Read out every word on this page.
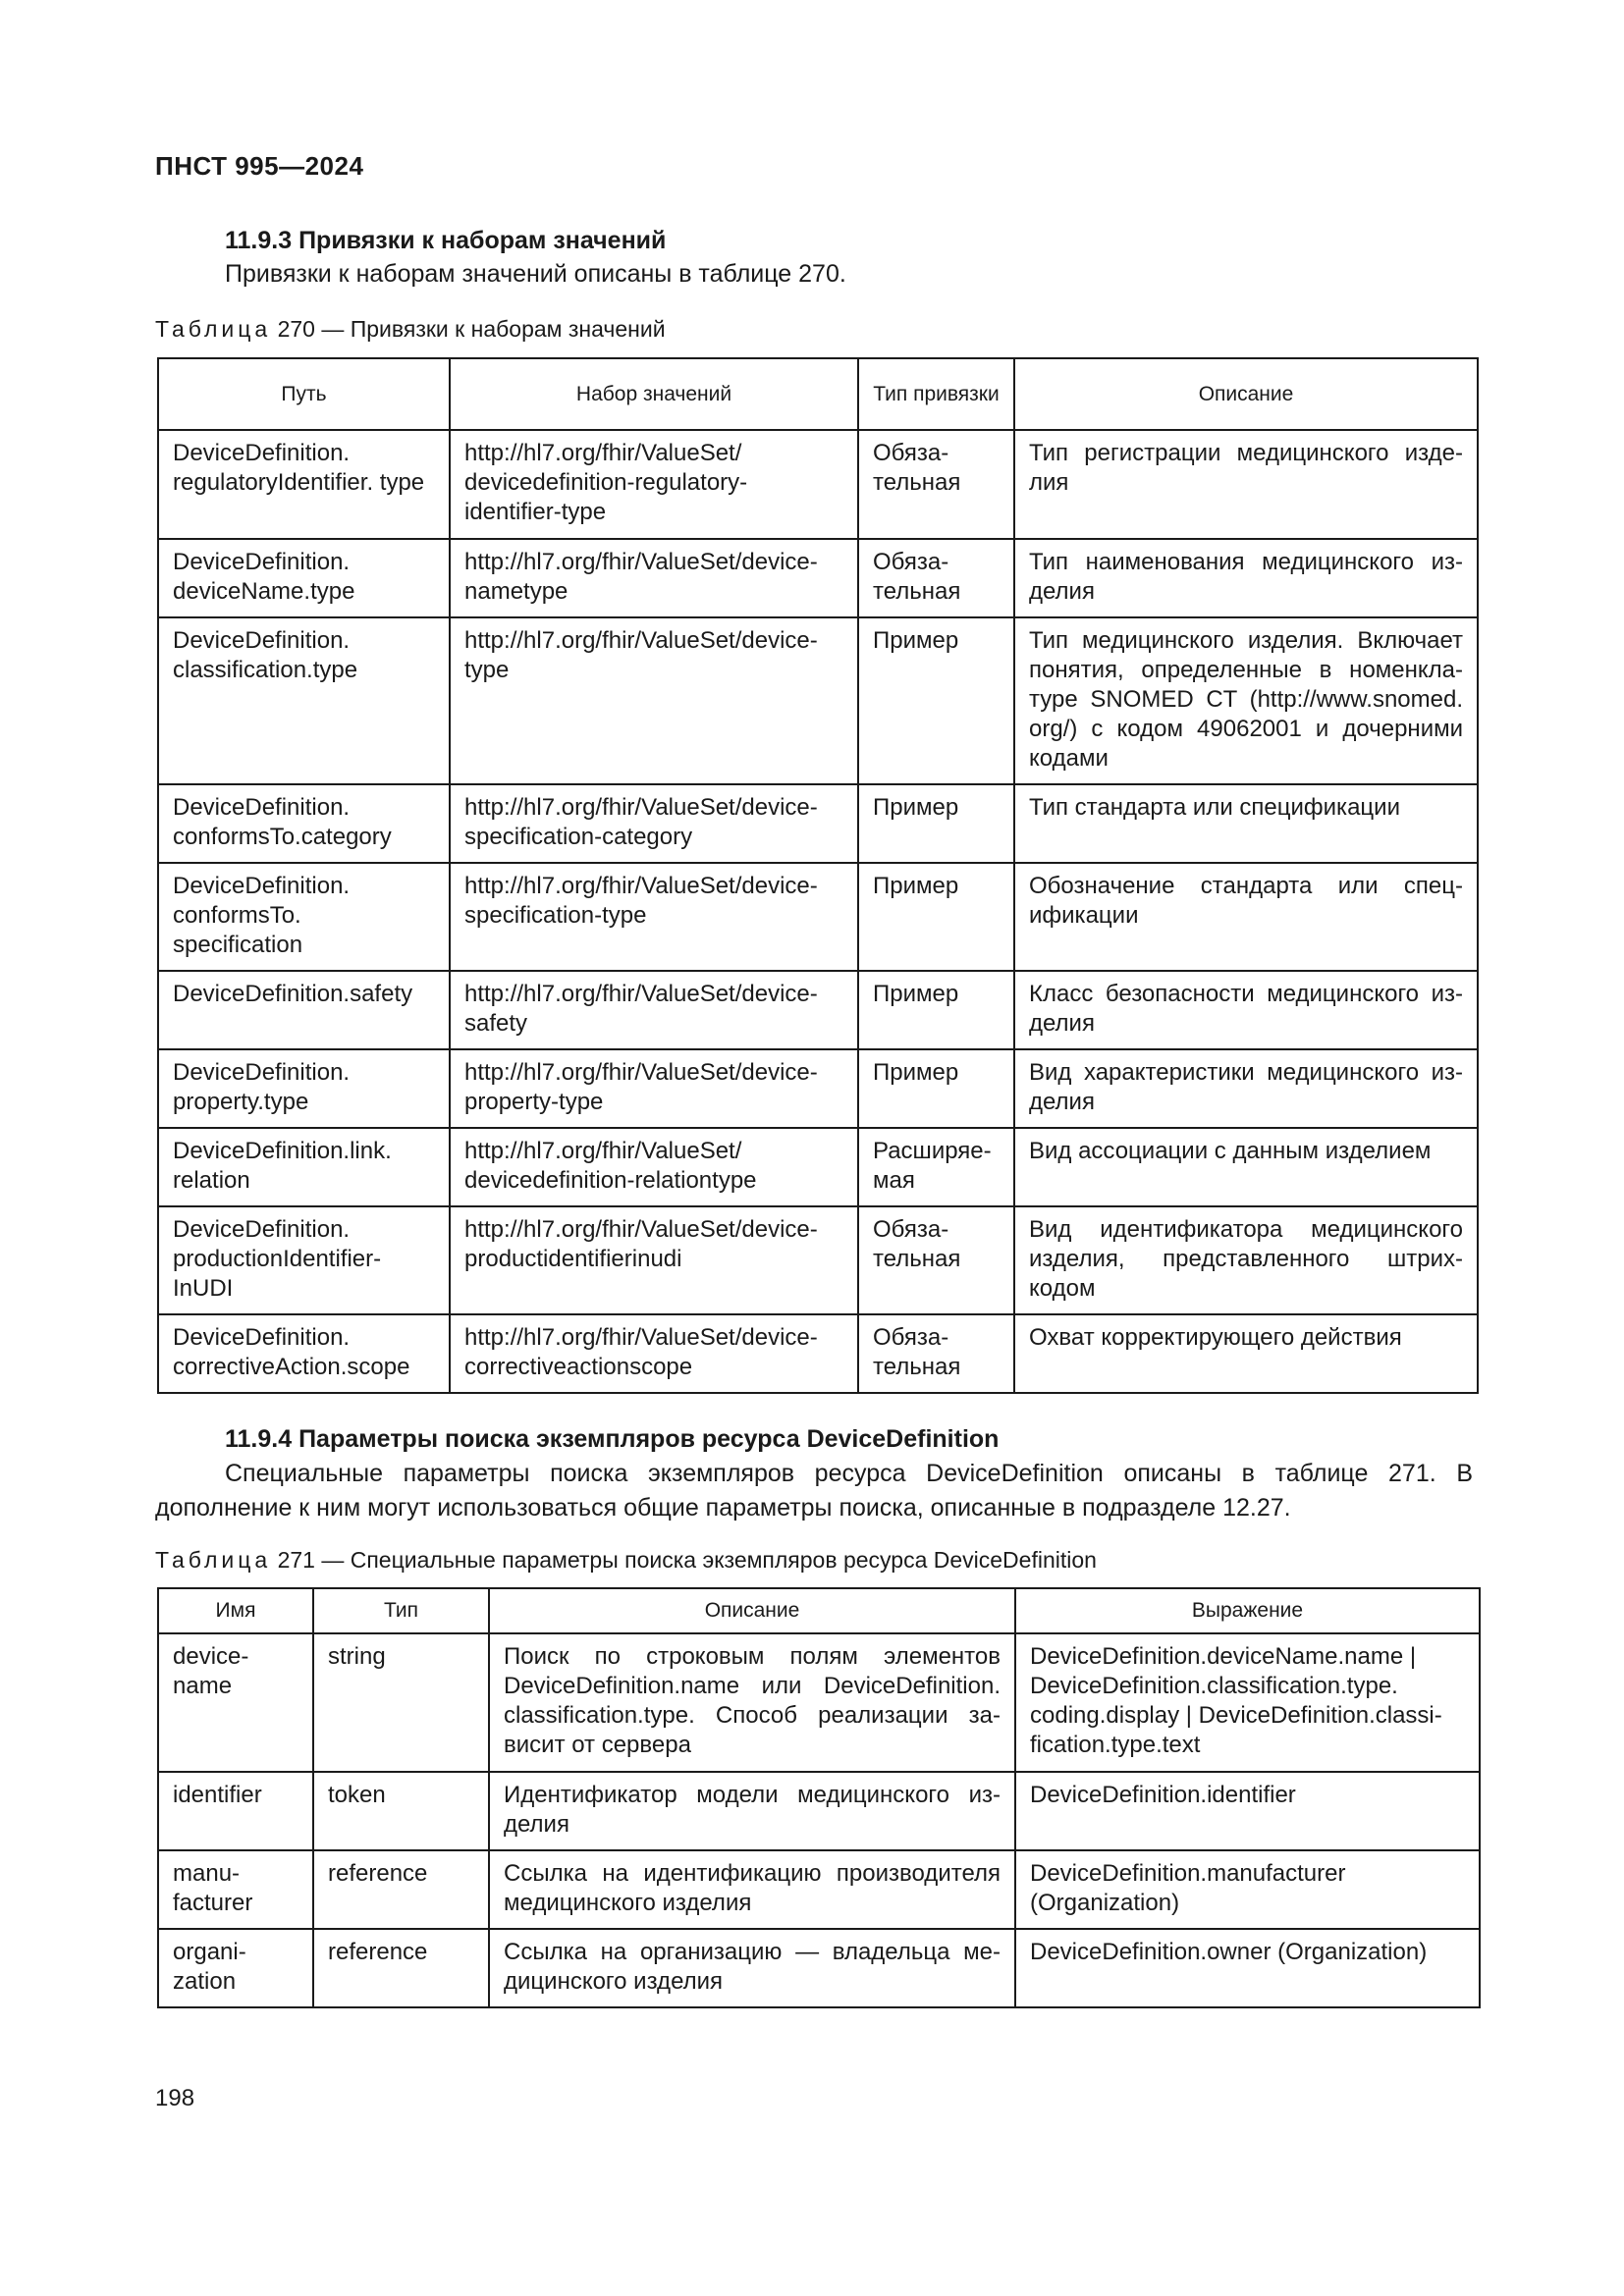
ПНСТ 995—2024
11.9.3 Привязки к наборам значений
Привязки к наборам значений описаны в таблице 270.
Таблица 270 — Привязки к наборам значений
Путь	Набор значений	Тип привязки	Описание
DeviceDefinition. regulatoryIdentifier. type	http://hl7.org/fhir/ValueSet/ devicedefinition-regulatory- identifier-type	Обяза- тельная	Тип регистрации медицинского изде- лия
DeviceDefinition. deviceName.type	http://hl7.org/fhir/ValueSet/device- nametype	Обяза- тельная	Тип наименования медицинского из- делия
DeviceDefinition. classification.type	http://hl7.org/fhir/ValueSet/device- type	Пример	Тип медицинского изделия. Включает понятия, определенные в номенкла- туре SNOMED CT (http://www.snomed. org/) с кодом 49062001 и дочерними кодами
DeviceDefinition. conformsTo.category	http://hl7.org/fhir/ValueSet/device- specification-category	Пример	Тип стандарта или спецификации
DeviceDefinition. conformsTo. specification	http://hl7.org/fhir/ValueSet/device- specification-type	Пример	Обозначение стандарта или спец- ификации
DeviceDefinition.safety	http://hl7.org/fhir/ValueSet/device- safety	Пример	Класс безопасности медицинского из- делия
DeviceDefinition. property.type	http://hl7.org/fhir/ValueSet/device- property-type	Пример	Вид характеристики медицинского из- делия
DeviceDefinition.link. relation	http://hl7.org/fhir/ValueSet/ devicedefinition-relationtype	Расширяе- мая	Вид ассоциации с данным изделием
DeviceDefinition. productionIdentifier- InUDI	http://hl7.org/fhir/ValueSet/device- productidentifierinudi	Обяза- тельная	Вид идентификатора медицинского изделия, представленного штрих- кодом
DeviceDefinition. correctiveAction.scope	http://hl7.org/fhir/ValueSet/device- correctiveactionscope	Обяза- тельная	Охват корректирующего действия
11.9.4 Параметры поиска экземпляров ресурса DeviceDefinition
Специальные параметры поиска экземпляров ресурса DeviceDefinition описаны в таблице 271. В дополнение к ним могут использоваться общие параметры поиска, описанные в подразделе 12.27.
Таблица 271 — Специальные параметры поиска экземпляров ресурса DeviceDefinition
Имя	Тип	Описание	Выражение
device- name	string	Поиск по строковым полям элементов DeviceDefinition.name или DeviceDefinition. classification.type. Способ реализации за- висит от сервера	DeviceDefinition.deviceName.name | DeviceDefinition.classification.type. coding.display | DeviceDefinition.classi- fication.type.text
identifier	token	Идентификатор модели медицинского из- делия	DeviceDefinition.identifier
manu- facturer	reference	Ссылка на идентификацию производителя медицинского изделия	DeviceDefinition.manufacturer (Organization)
organi- zation	reference	Ссылка на организацию — владельца ме- дицинского изделия	DeviceDefinition.owner (Organization)
198
